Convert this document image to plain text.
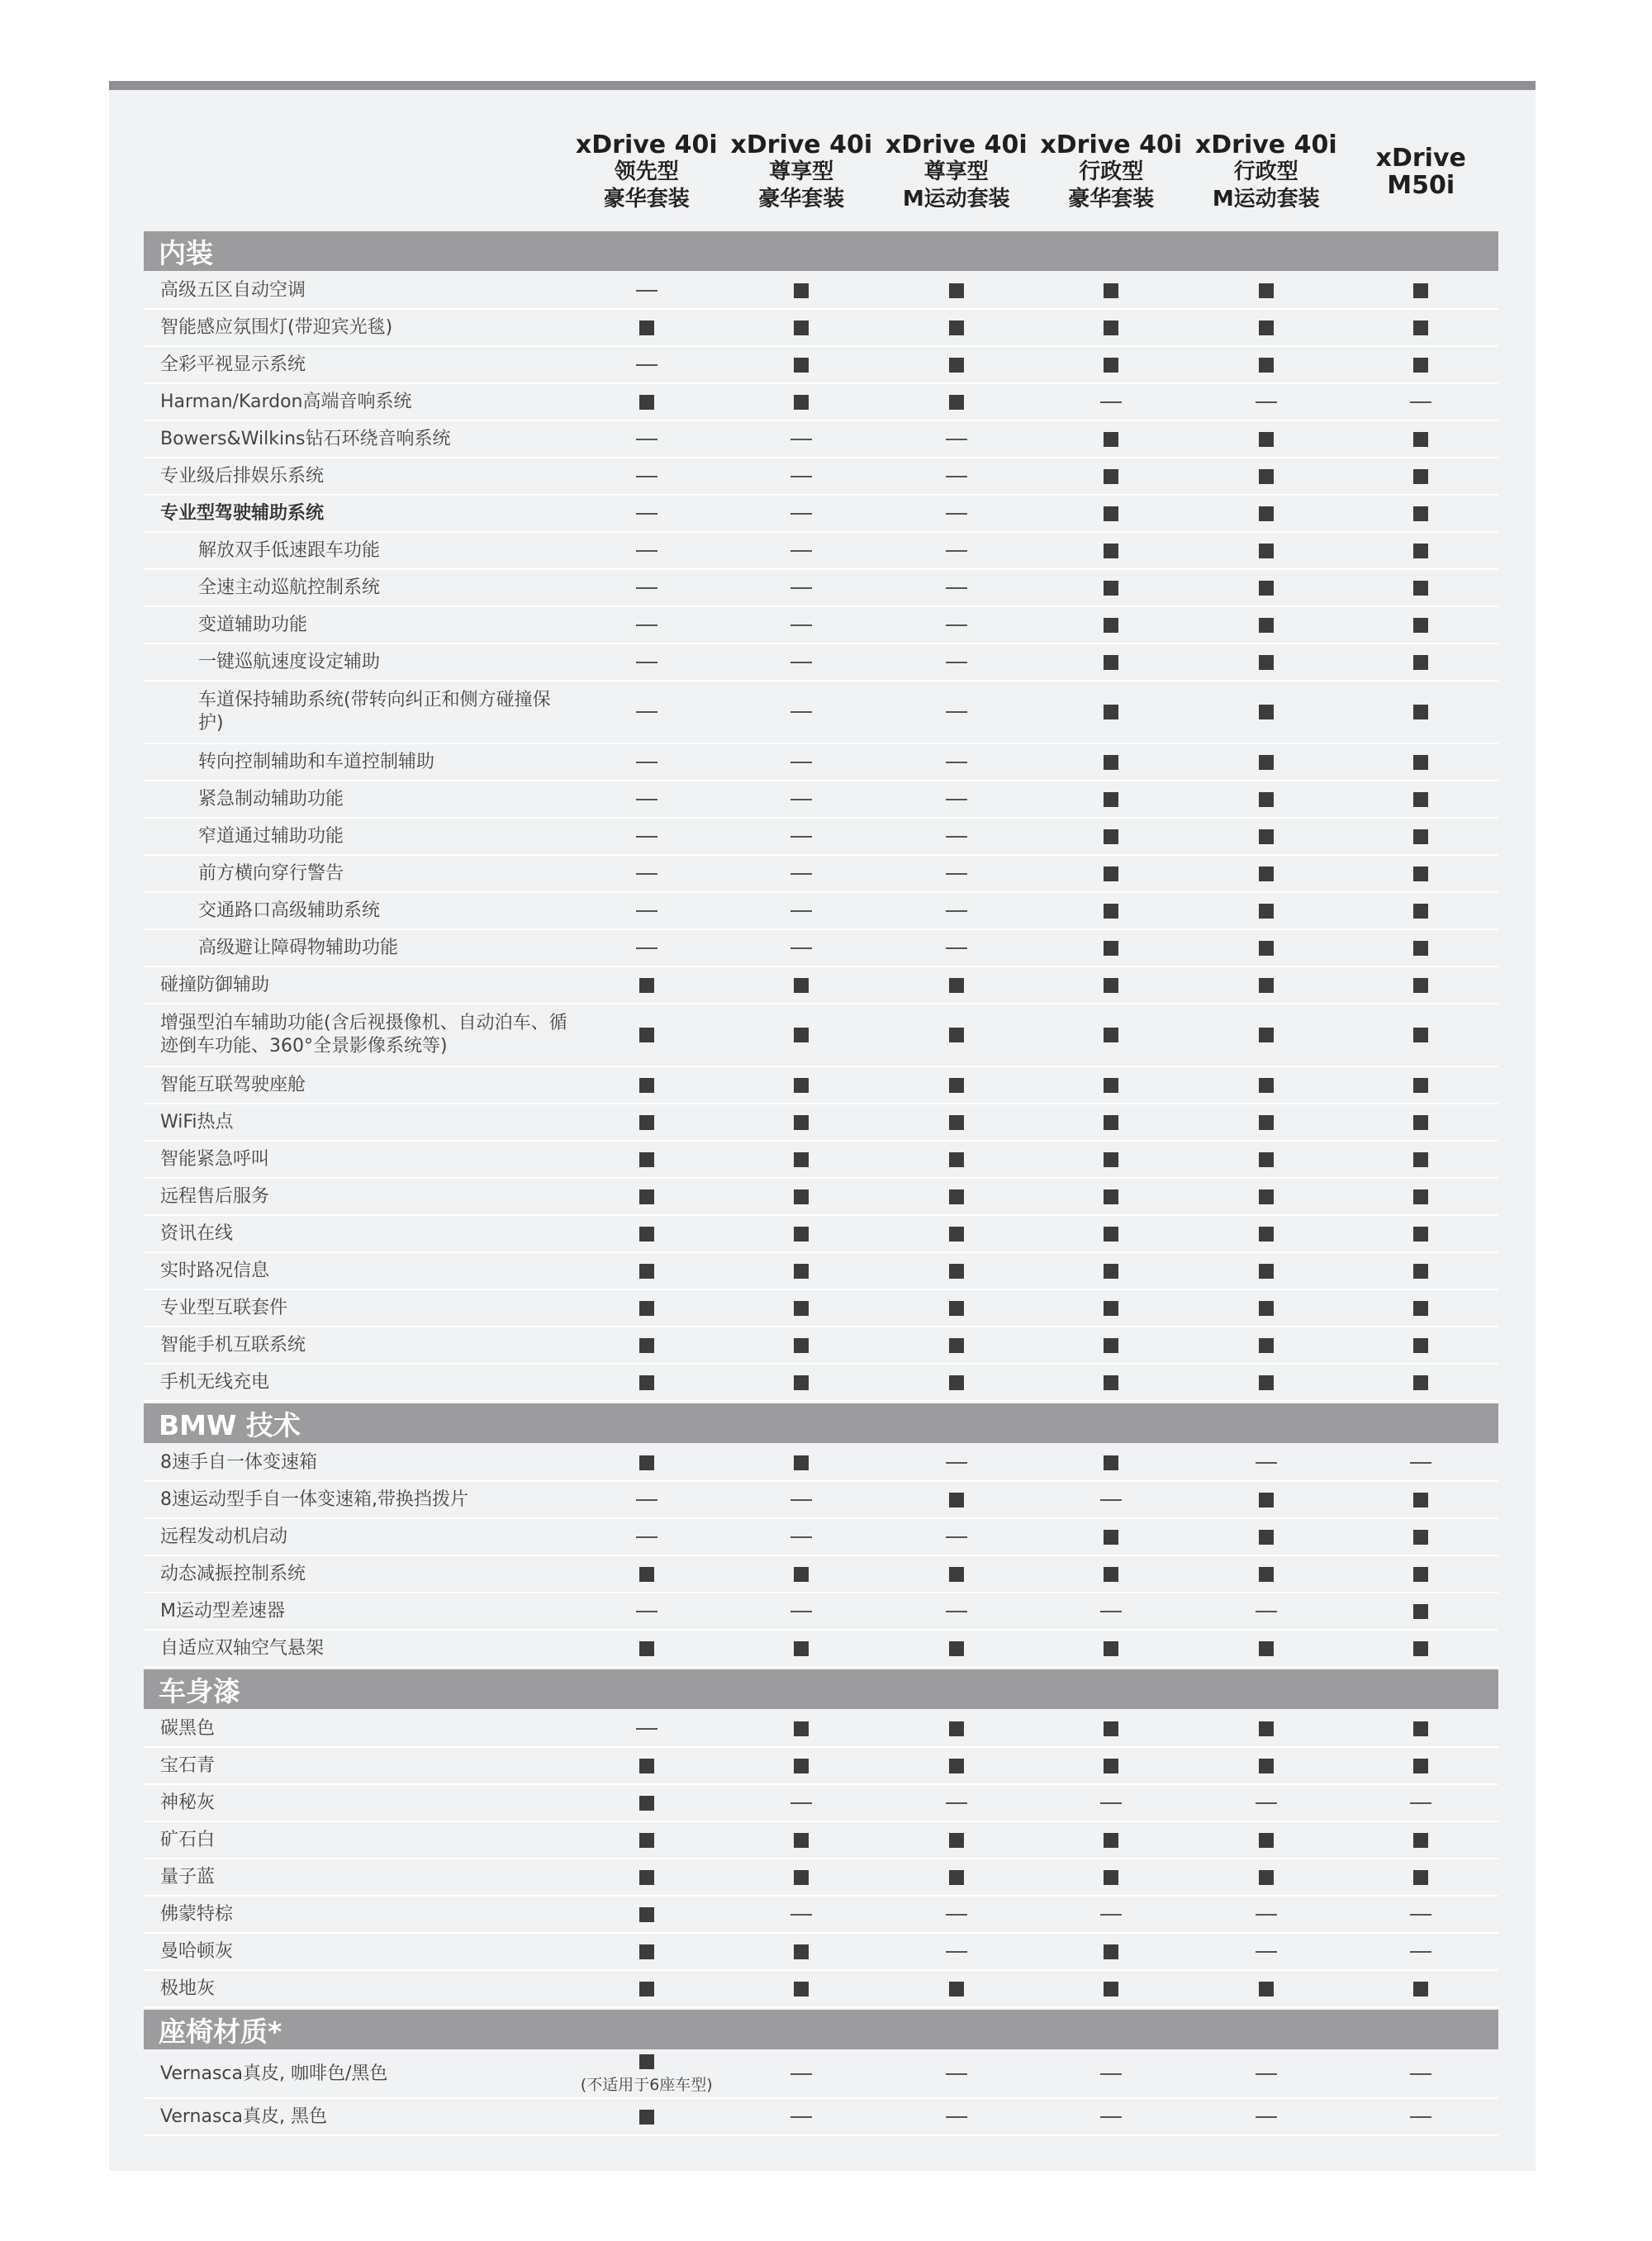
xDrive 40i
领先型
豪华套装
xDrive 40i
尊享型
豪华套装
xDrive 40i
尊享型
M运动套装
xDrive 40i
行政型
豪华套装
xDrive 40i
行政型
M运动套装
xDrive M50i
内装
高级五区自动空调
智能感应氛围灯(带迎宾光毯)
全彩平视显示系统
Harman/Kardon高端音响系统
Bowers&Wilkins钻石环绕音响系统
专业级后排娱乐系统
专业型驾驶辅助系统
解放双手低速跟车功能
全速主动巡航控制系统
变道辅助功能
一键巡航速度设定辅助
车道保持辅助系统(带转向纠正和侧方碰撞保护)
转向控制辅助和车道控制辅助
紧急制动辅助功能
窄道通过辅助功能
前方横向穿行警告
交通路口高级辅助系统
高级避让障碍物辅助功能
碰撞防御辅助
增强型泊车辅助功能(含后视摄像机、自动泊车、循迹倒车功能、360°全景影像系统等)
智能互联驾驶座舱
WiFi热点
智能紧急呼叫
远程售后服务
资讯在线
实时路况信息
专业型互联套件
智能手机互联系统
手机无线充电
BMW 技术
8速手自一体变速箱
8速运动型手自一体变速箱,带换挡拨片
远程发动机启动
动态减振控制系统
M运动型差速器
自适应双轴空气悬架
车身漆
碳黑色
宝石青
神秘灰
矿石白
量子蓝
佛蒙特棕
曼哈顿灰
极地灰
座椅材质*
Vernasca真皮, 咖啡色/黑色
(不适用于6座车型)
Vernasca真皮, 黑色
